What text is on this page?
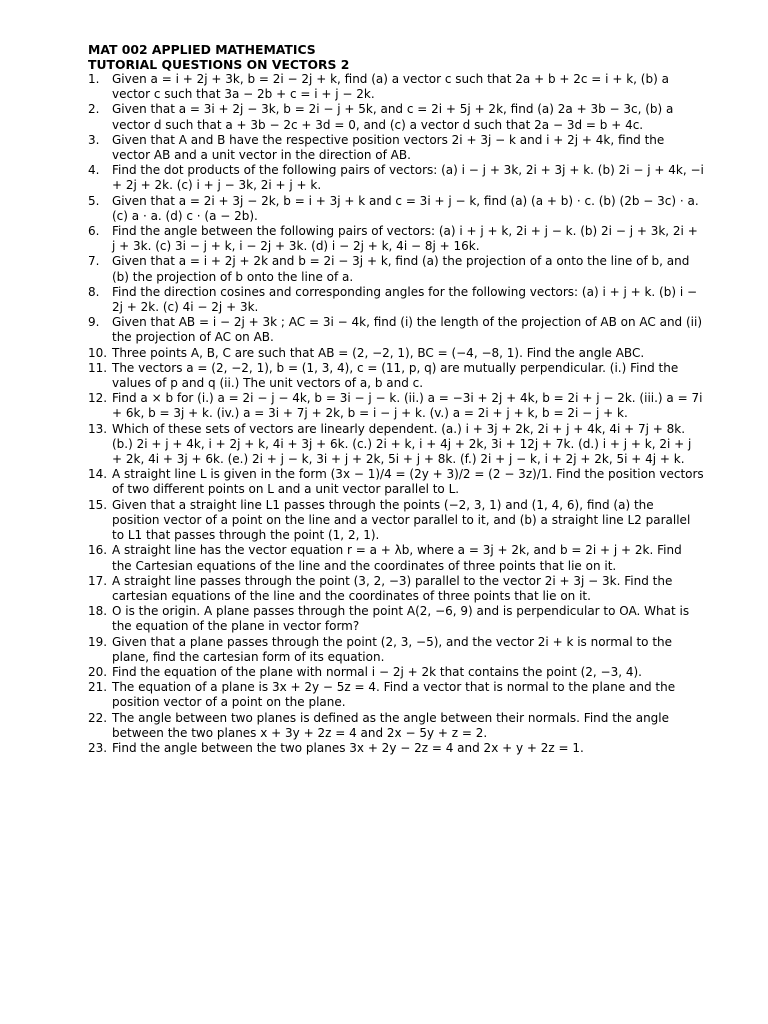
MAT 002 APPLIED MATHEMATICS
TUTORIAL QUESTIONS ON VECTORS 2
1. Given a = i + 2j + 3k, b = 2i − 2j + k, find (a) a vector c such that 2a + b + 2c = i + k, (b) a vector c such that 3a − 2b + c = i + j − 2k.
2. Given that a = 3i + 2j − 3k, b = 2i − j + 5k, and c = 2i + 5j + 2k, find (a) 2a + 3b − 3c, (b) a vector d such that a + 3b − 2c + 3d = 0, and (c) a vector d such that 2a − 3d = b + 4c.
3. Given that A and B have the respective position vectors 2i + 3j − k and i + 2j + 4k, find the vector AB and a unit vector in the direction of AB.
4. Find the dot products of the following pairs of vectors: (a) i − j + 3k, 2i + 3j + k. (b) 2i − j + 4k, −i + 2j + 2k. (c) i + j − 3k, 2i + j + k.
5. Given that a = 2i + 3j − 2k, b = i + 3j + k and c = 3i + j − k, find (a) (a + b) · c. (b) (2b − 3c) · a. (c) a · a. (d) c · (a − 2b).
6. Find the angle between the following pairs of vectors: (a) i + j + k, 2i + j − k. (b) 2i − j + 3k, 2i + j + 3k. (c) 3i − j + k, i − 2j + 3k. (d) i − 2j + k, 4i − 8j + 16k.
7. Given that a = i + 2j + 2k and b = 2i − 3j + k, find (a) the projection of a onto the line of b, and (b) the projection of b onto the line of a.
8. Find the direction cosines and corresponding angles for the following vectors: (a) i + j + k. (b) i − 2j + 2k. (c) 4i − 2j + 3k.
9. Given that AB = i − 2j + 3k ; AC = 3i − 4k, find (i) the length of the projection of AB on AC and (ii) the projection of AC on AB.
10. Three points A, B, C are such that AB = (2, −2, 1), BC = (−4, −8, 1). Find the angle ABC.
11. The vectors a = (2, −2, 1), b = (1, 3, 4), c = (11, p, q) are mutually perpendicular. (i.) Find the values of p and q (ii.) The unit vectors of a, b and c.
12. Find a × b for (i.) a = 2i − j − 4k, b = 3i − j − k. (ii.) a = −3i + 2j + 4k, b = 2i + j − 2k. (iii.) a = 7i + 6k, b = 3j + k. (iv.) a = 3i + 7j + 2k, b = i − j + k. (v.) a = 2i + j + k, b = 2i − j + k.
13. Which of these sets of vectors are linearly dependent. (a.) i + 3j + 2k, 2i + j + 4k, 4i + 7j + 8k. (b.) 2i + j + 4k, i + 2j + k, 4i + 3j + 6k. (c.) 2i + k, i + 4j + 2k, 3i + 12j + 7k. (d.) i + j + k, 2i + j + 2k, 4i + 3j + 6k. (e.) 2i + j − k, 3i + j + 2k, 5i + j + 8k. (f.) 2i + j − k, i + 2j + 2k, 5i + 4j + k.
14. A straight line L is given in the form (3x − 1)/4 = (2y + 3)/2 = (2 − 3z)/1. Find the position vectors of two different points on L and a unit vector parallel to L.
15. Given that a straight line L1 passes through the points (−2, 3, 1) and (1, 4, 6), find (a) the position vector of a point on the line and a vector parallel to it, and (b) a straight line L2 parallel to L1 that passes through the point (1, 2, 1).
16. A straight line has the vector equation r = a + λb, where a = 3j + 2k, and b = 2i + j + 2k. Find the Cartesian equations of the line and the coordinates of three points that lie on it.
17. A straight line passes through the point (3, 2, −3) parallel to the vector 2i + 3j − 3k. Find the cartesian equations of the line and the coordinates of three points that lie on it.
18. O is the origin. A plane passes through the point A(2, −6, 9) and is perpendicular to OA. What is the equation of the plane in vector form?
19. Given that a plane passes through the point (2, 3, −5), and the vector 2i + k is normal to the plane, find the cartesian form of its equation.
20. Find the equation of the plane with normal i − 2j + 2k that contains the point (2, −3, 4).
21. The equation of a plane is 3x + 2y − 5z = 4. Find a vector that is normal to the plane and the position vector of a point on the plane.
22. The angle between two planes is defined as the angle between their normals. Find the angle between the two planes x + 3y + 2z = 4 and 2x − 5y + z = 2.
23. Find the angle between the two planes 3x + 2y − 2z = 4 and 2x + y + 2z = 1.
